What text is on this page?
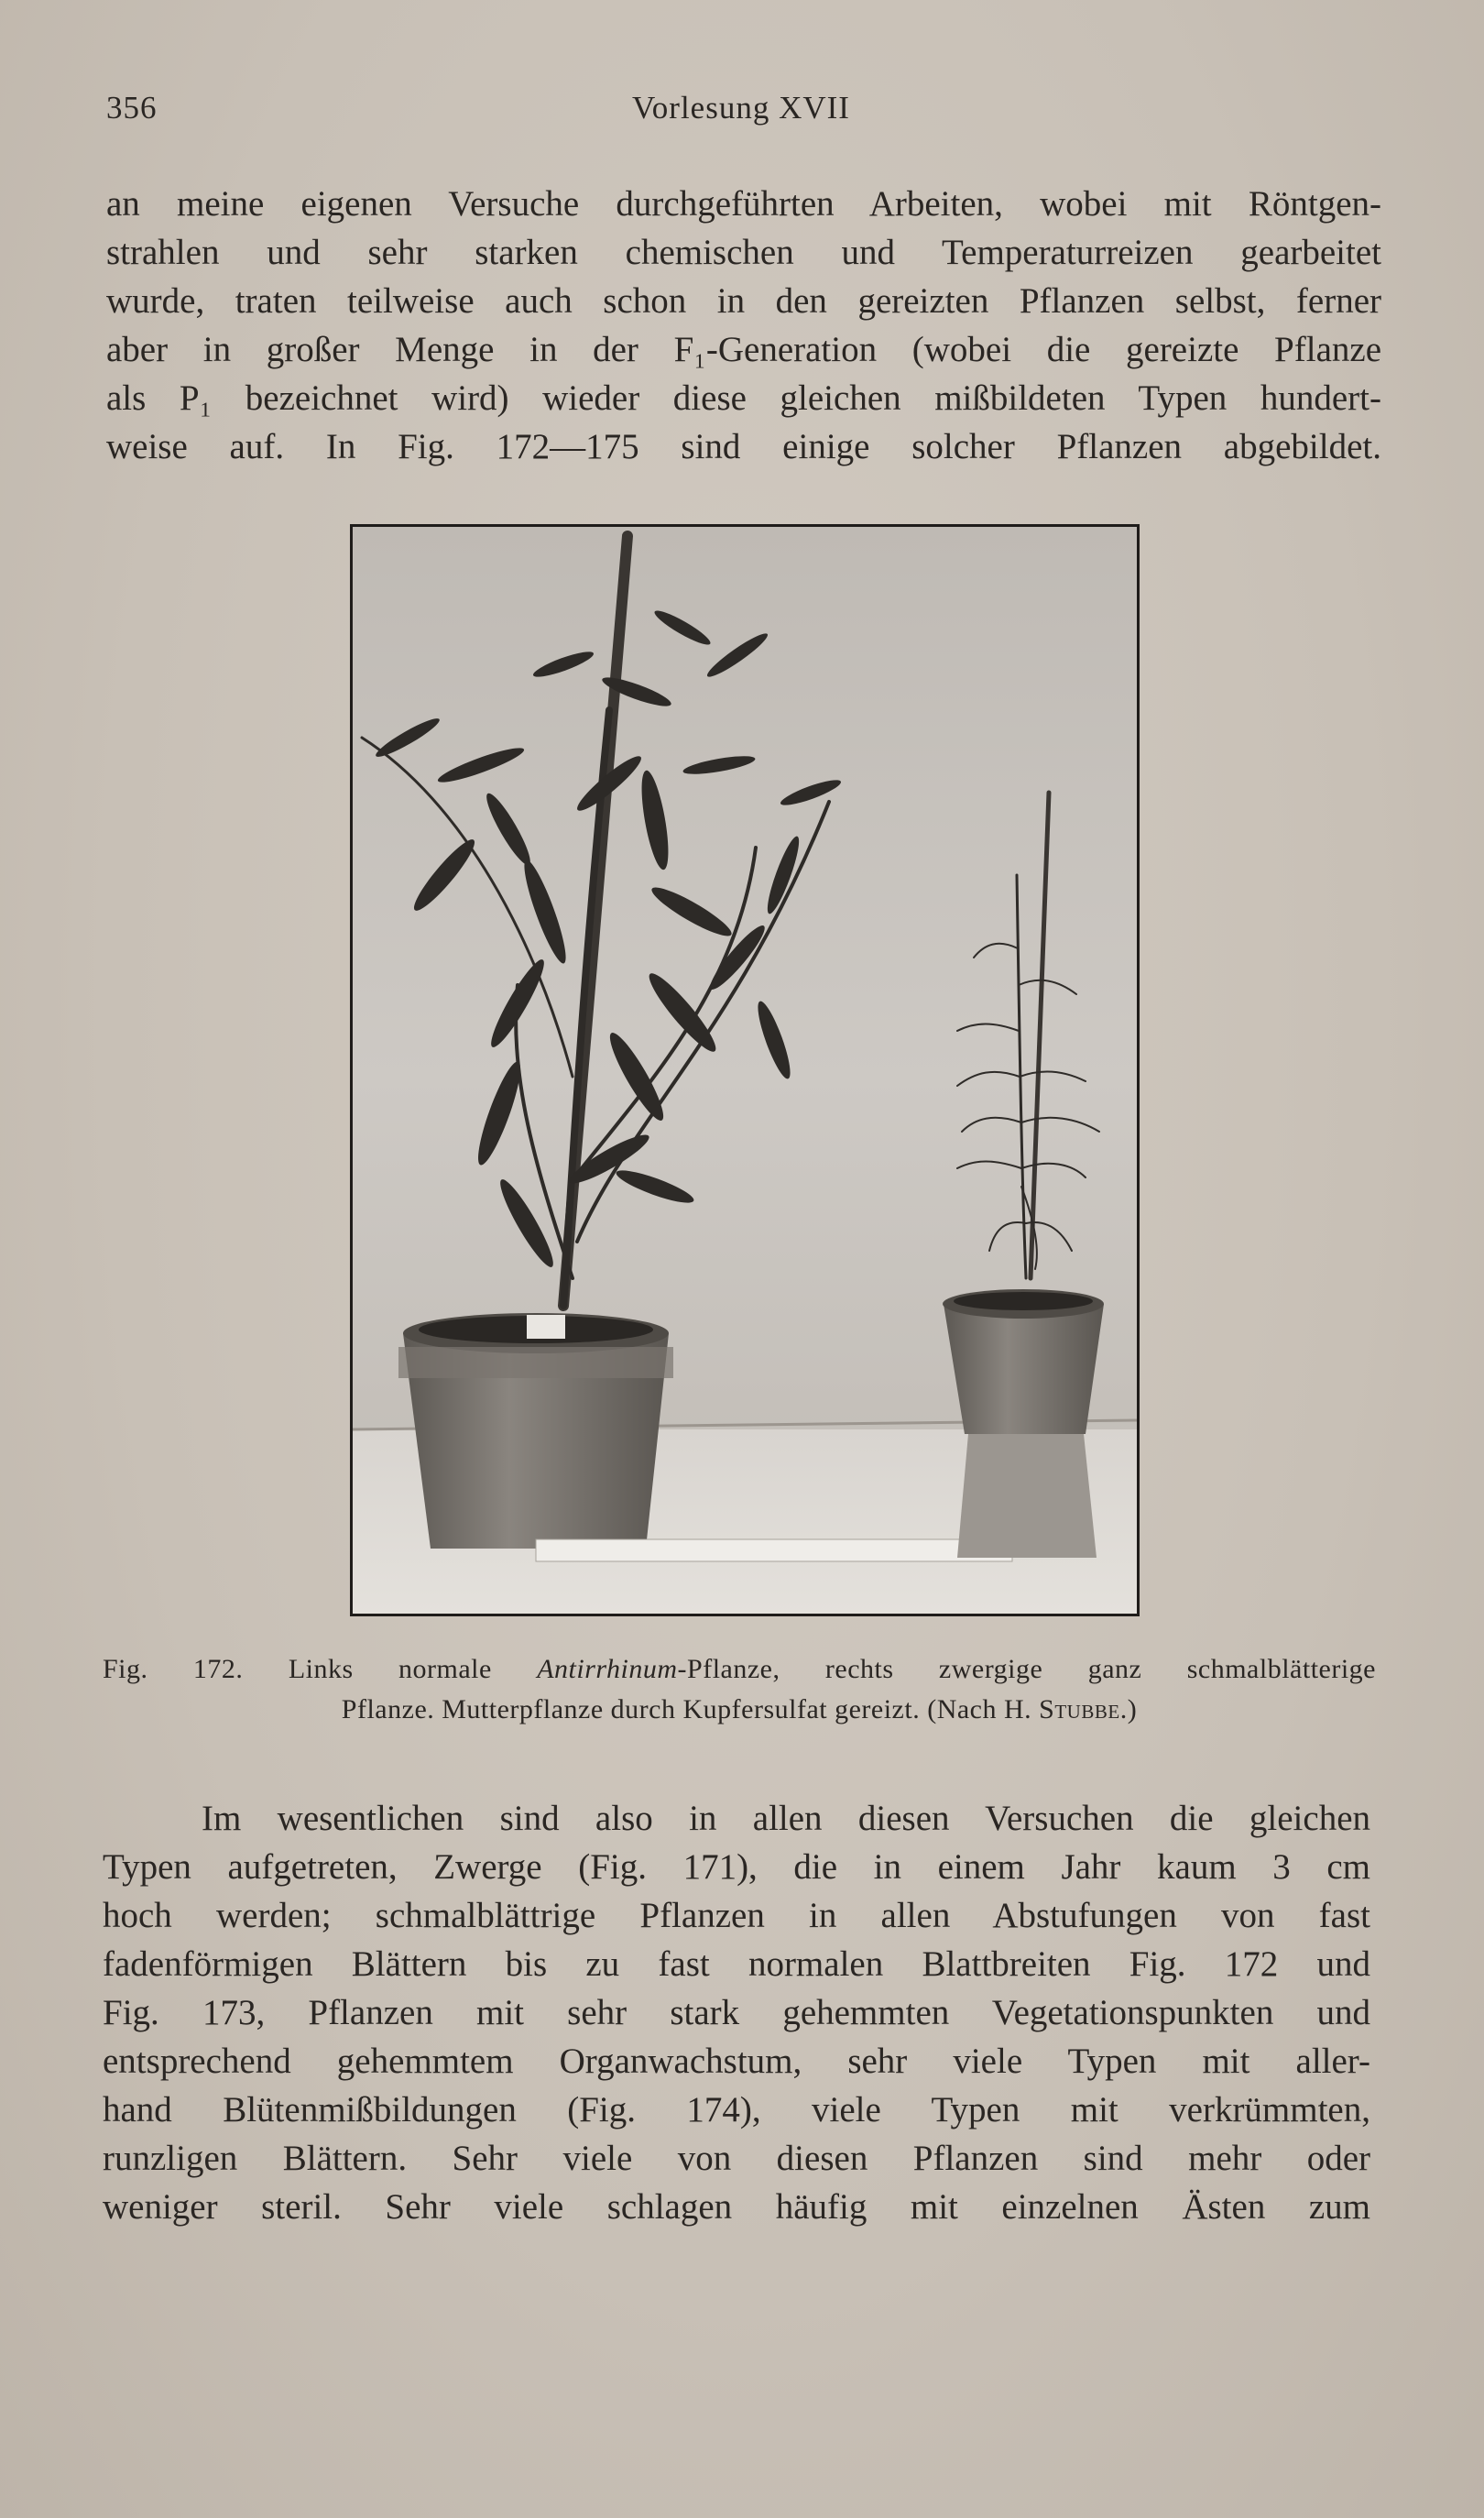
356	Vorlesung XVII
an meine eigenen Versuche durchgeführten Arbeiten, wobei mit Röntgen-
strahlen und sehr starken chemischen und Temperaturreizen gearbeitet
wurde, traten teilweise auch schon in den gereizten Pflanzen selbst, ferner
aber in großer Menge in der F₁-Generation (wobei die gereizte Pflanze
als P₁ bezeichnet wird) wieder diese gleichen mißbildeten Typen hundert-
weise auf. In Fig. 172—175 sind einige solcher Pflanzen abgebildet.
Fig. 172. Links normale Antirrhinum-Pflanze, rechts zwergige ganz schmalblätterige
Pflanze. Mutterpflanze durch Kupfersulfat gereizt. (Nach H. Stubbe.)
Im wesentlichen sind also in allen diesen Versuchen die gleichen
Typen aufgetreten, Zwerge (Fig. 171), die in einem Jahr kaum 3 cm
hoch werden; schmalblättrige Pflanzen in allen Abstufungen von fast
fadenförmigen Blättern bis zu fast normalen Blattbreiten Fig. 172 und
Fig. 173, Pflanzen mit sehr stark gehemmten Vegetationspunkten und
entsprechend gehemmtem Organwachstum, sehr viele Typen mit aller-
hand Blütenmißbildungen (Fig. 174), viele Typen mit verkrümmten,
runzligen Blättern. Sehr viele von diesen Pflanzen sind mehr oder
weniger steril. Sehr viele schlagen häufig mit einzelnen Ästen zum
